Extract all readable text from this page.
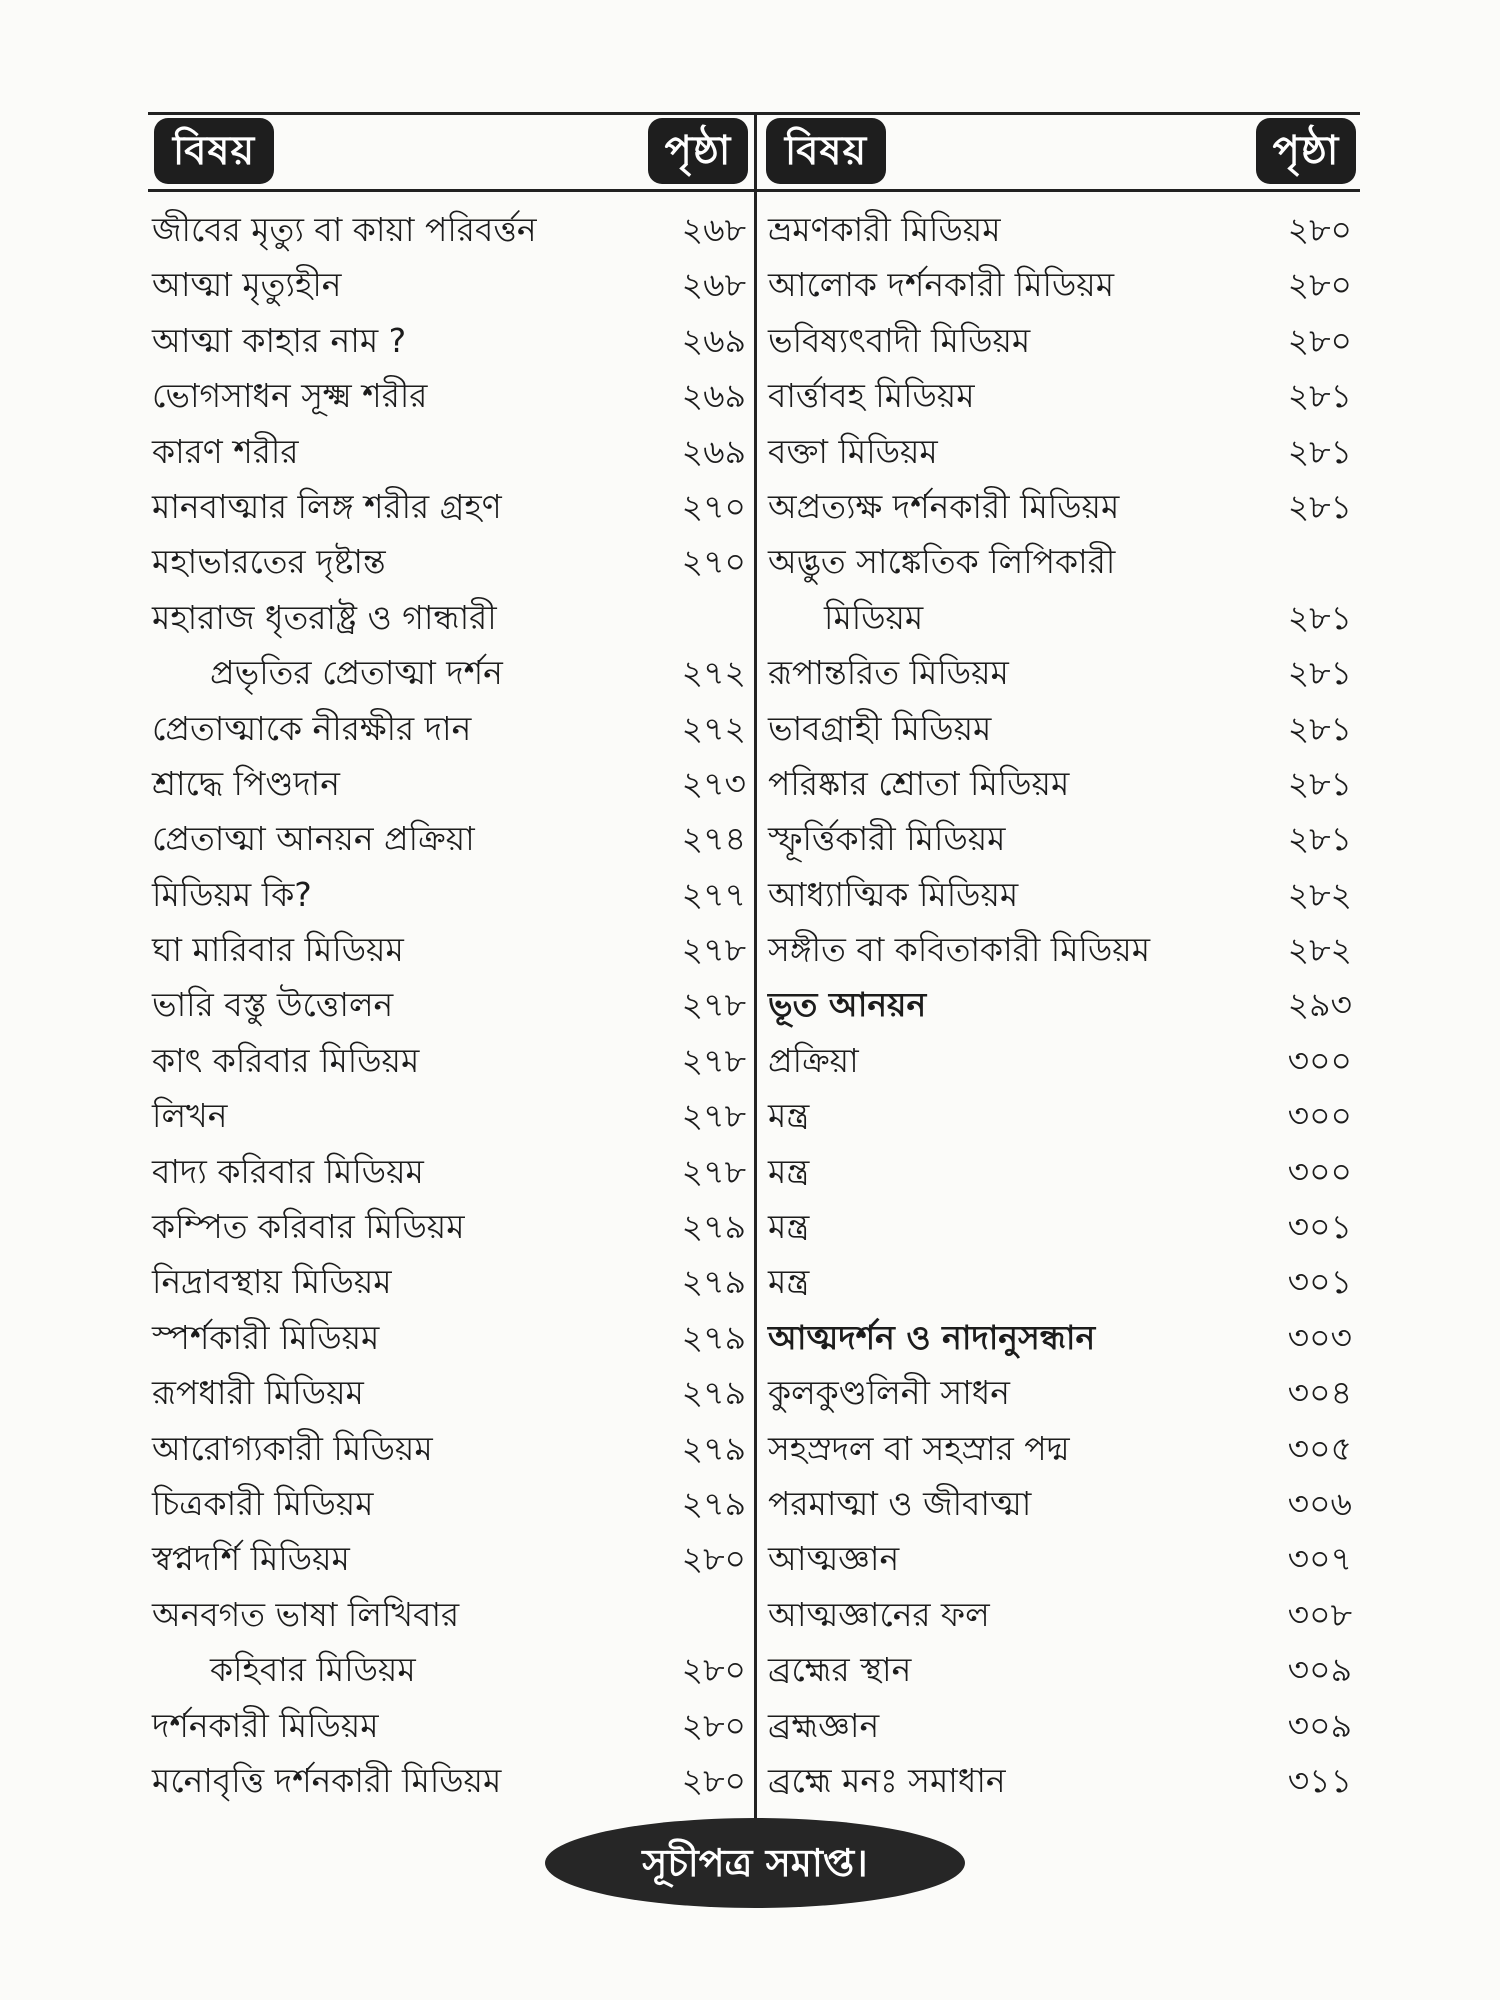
বিষয়	পৃষ্ঠা	বিষয়	পৃষ্ঠা
জীবের মৃত্যু বা কায়া পরিবর্ত্তন	২৬৮
আত্মা মৃত্যুহীন	২৬৮
আত্মা কাহার নাম ?	২৬৯
ভোগসাধন সূক্ষ্ম শরীর	২৬৯
কারণ শরীর	২৬৯
মানবাত্মার লিঙ্গ শরীর গ্রহণ	২৭০
মহাভারতের দৃষ্টান্ত	২৭০
মহারাজ ধৃতরাষ্ট্র ও গান্ধারী
প্রভৃতির প্রেতাত্মা দর্শন	২৭২
প্রেতাত্মাকে নীরক্ষীর দান	২৭২
শ্রাদ্ধে পিণ্ডদান	২৭৩
প্রেতাত্মা আনয়ন প্রক্রিয়া	২৭৪
মিডিয়ম কি?	২৭৭
ঘা মারিবার মিডিয়ম	২৭৮
ভারি বস্তু উত্তোলন	২৭৮
কাৎ করিবার মিডিয়ম	২৭৮
লিখন	২৭৮
বাদ্য করিবার মিডিয়ম	২৭৮
কম্পিত করিবার মিডিয়ম	২৭৯
নিদ্রাবস্থায় মিডিয়ম	২৭৯
স্পর্শকারী মিডিয়ম	২৭৯
রূপধারী মিডিয়ম	২৭৯
আরোগ্যকারী মিডিয়ম	২৭৯
চিত্রকারী মিডিয়ম	২৭৯
স্বপ্নদর্শি মিডিয়ম	২৮০
অনবগত ভাষা লিখিবার
কহিবার মিডিয়ম	২৮০
দর্শনকারী মিডিয়ম	২৮০
মনোবৃত্তি দর্শনকারী মিডিয়ম	২৮০
ভ্রমণকারী মিডিয়ম	২৮০
আলোক দর্শনকারী মিডিয়ম	২৮০
ভবিষ্যৎবাদী মিডিয়ম	২৮০
বার্ত্তাবহ মিডিয়ম	২৮১
বক্তা মিডিয়ম	২৮১
অপ্রত্যক্ষ দর্শনকারী মিডিয়ম	২৮১
অদ্ভুত সাঙ্কেতিক লিপিকারী
মিডিয়ম	২৮১
রূপান্তরিত মিডিয়ম	২৮১
ভাবগ্রাহী মিডিয়ম	২৮১
পরিষ্কার শ্রোতা মিডিয়ম	২৮১
স্ফূর্ত্তিকারী মিডিয়ম	২৮১
আধ্যাত্মিক মিডিয়ম	২৮২
সঙ্গীত বা কবিতাকারী মিডিয়ম	২৮২
ভূত আনয়ন	২৯৩
প্রক্রিয়া	৩০০
মন্ত্র	৩০০
মন্ত্র	৩০০
মন্ত্র	৩০১
মন্ত্র	৩০১
আত্মদর্শন ও নাদানুসন্ধান	৩০৩
কুলকুণ্ডলিনী সাধন	৩০৪
সহস্রদল বা সহস্রার পদ্ম	৩০৫
পরমাত্মা ও জীবাত্মা	৩০৬
আত্মজ্ঞান	৩০৭
আত্মজ্ঞানের ফল	৩০৮
ব্রহ্মের স্থান	৩০৯
ব্রহ্মজ্ঞান	৩০৯
ব্রহ্মে মনঃ সমাধান	৩১১
সূচীপত্র সমাপ্ত।
